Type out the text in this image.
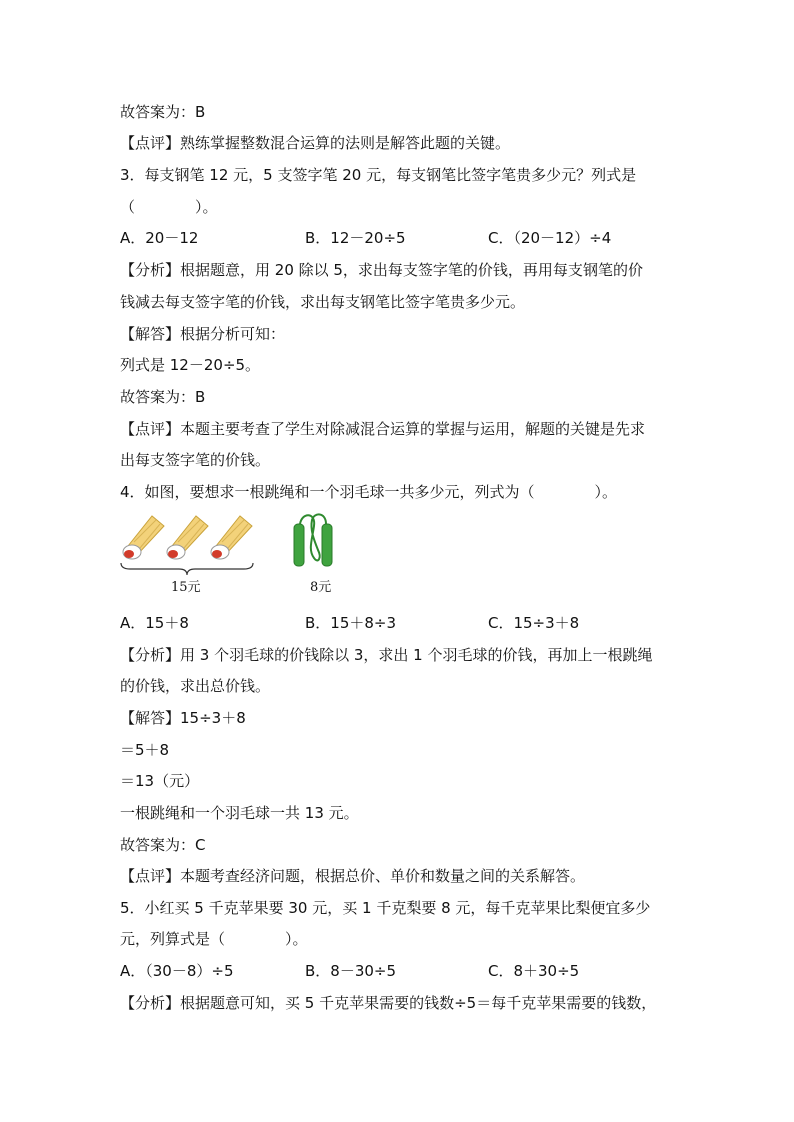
故答案为：B
【点评】熟练掌握整数混合运算的法则是解答此题的关键。
3．每支钢笔 12 元，5 支签字笔 20 元，每支钢笔比签字笔贵多少元？列式是
（　　　　）。
A．20－12	B．12－20÷5	C．（20－12）÷4
【分析】根据题意，用 20 除以 5，求出每支签字笔的价钱，再用每支钢笔的价
钱减去每支签字笔的价钱，求出每支钢笔比签字笔贵多少元。
【解答】根据分析可知：
列式是 12－20÷5。
故答案为：B
【点评】本题主要考查了学生对除减混合运算的掌握与运用，解题的关键是先求
出每支签字笔的价钱。
4．如图，要想求一根跳绳和一个羽毛球一共多少元，列式为（　　　　）。
15元	8元
A．15＋8	B．15＋8÷3	C．15÷3＋8
【分析】用 3 个羽毛球的价钱除以 3，求出 1 个羽毛球的价钱，再加上一根跳绳
的价钱，求出总价钱。
【解答】15÷3＋8
＝5＋8
＝13（元）
一根跳绳和一个羽毛球一共 13 元。
故答案为：C
【点评】本题考查经济问题，根据总价、单价和数量之间的关系解答。
5．小红买 5 千克苹果要 30 元，买 1 千克梨要 8 元，每千克苹果比梨便宜多少
元，列算式是（　　　　）。
A．（30－8）÷5	B．8－30÷5	C．8＋30÷5
【分析】根据题意可知，买 5 千克苹果需要的钱数÷5＝每千克苹果需要的钱数，
